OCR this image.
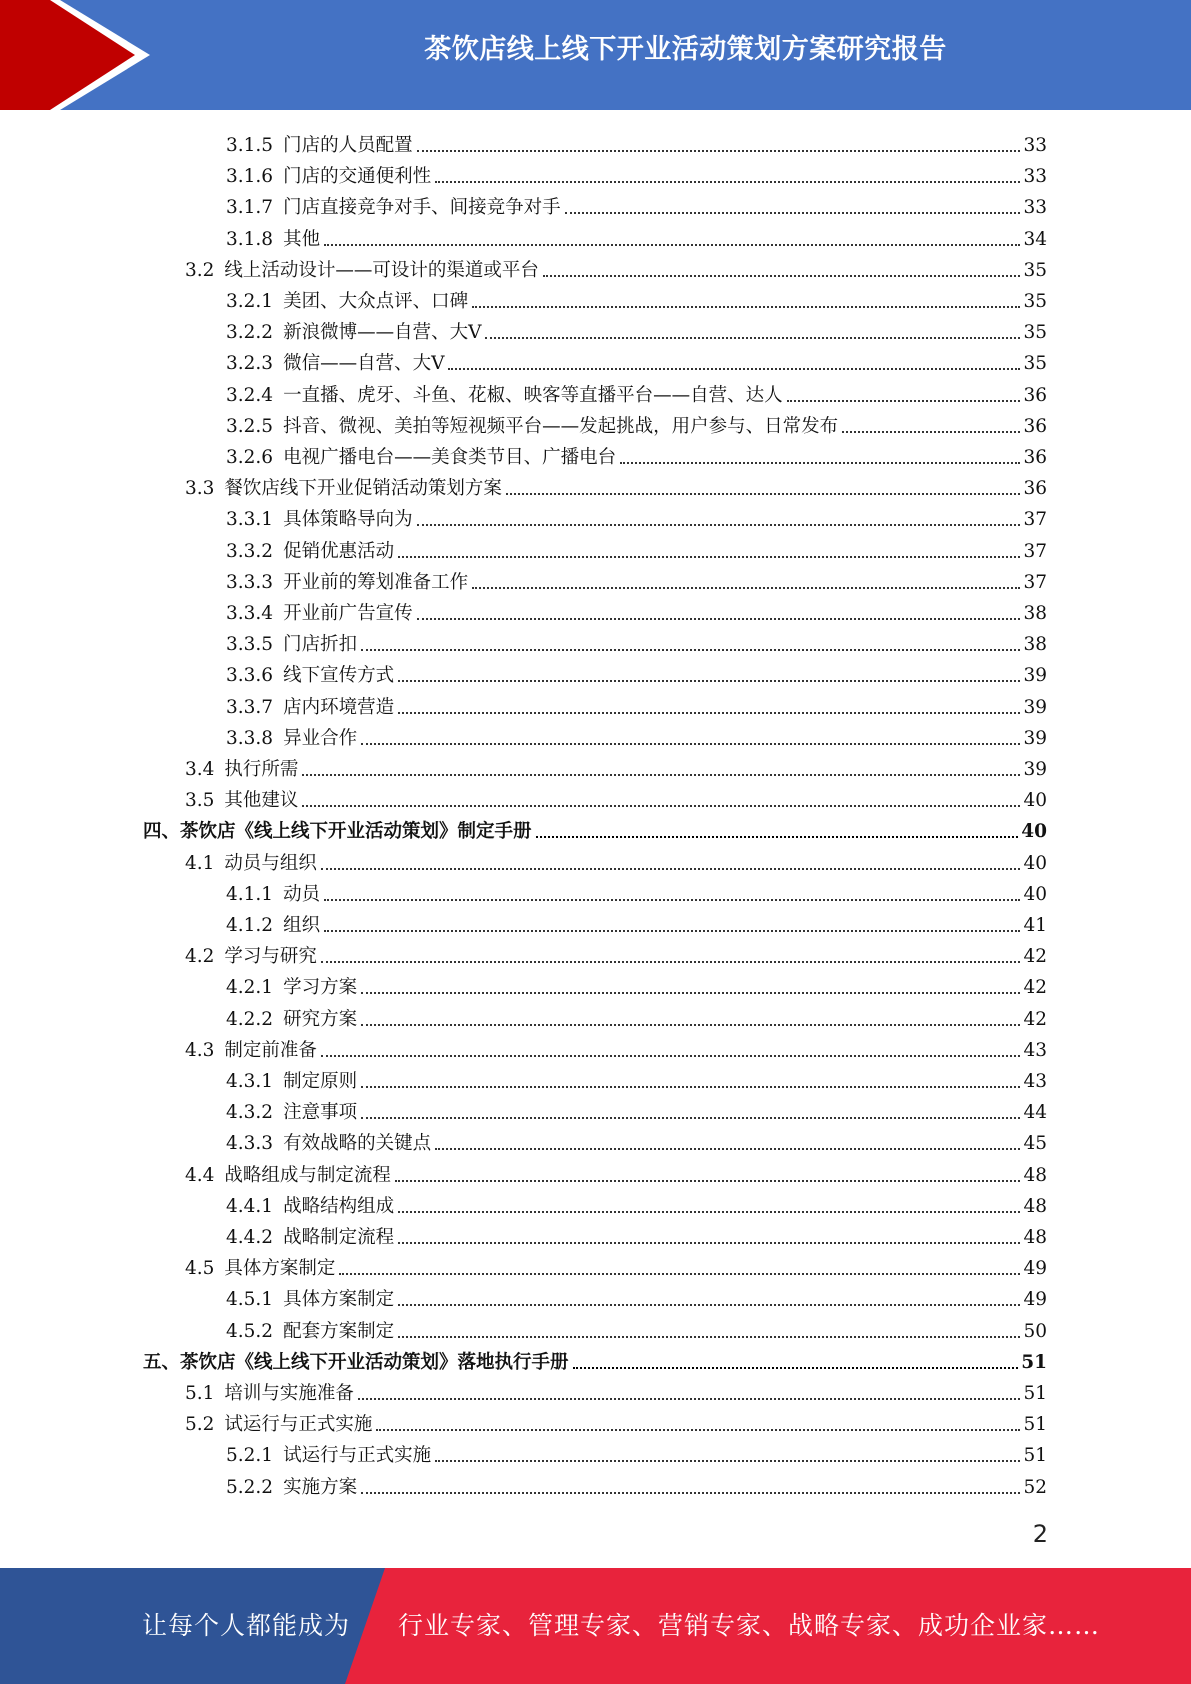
茶饮店线上线下开业活动策划方案研究报告
3.1.5 门店的人员配置	33
3.1.6 门店的交通便利性	33
3.1.7 门店直接竞争对手、间接竞争对手	33
3.1.8 其他	34
3.2 线上活动设计——可设计的渠道或平台	35
3.2.1 美团、大众点评、口碑	35
3.2.2 新浪微博——自营、大V	35
3.2.3 微信——自营、大V	35
3.2.4 一直播、虎牙、斗鱼、花椒、映客等直播平台——自营、达人	36
3.2.5 抖音、微视、美拍等短视频平台——发起挑战，用户参与、日常发布	36
3.2.6 电视广播电台——美食类节目、广播电台	36
3.3 餐饮店线下开业促销活动策划方案	36
3.3.1 具体策略导向为	37
3.3.2 促销优惠活动	37
3.3.3 开业前的筹划准备工作	37
3.3.4 开业前广告宣传	38
3.3.5 门店折扣	38
3.3.6 线下宣传方式	39
3.3.7 店内环境营造	39
3.3.8 异业合作	39
3.4 执行所需	39
3.5 其他建议	40
四、茶饮店《线上线下开业活动策划》制定手册	40
4.1 动员与组织	40
4.1.1 动员	40
4.1.2 组织	41
4.2 学习与研究	42
4.2.1 学习方案	42
4.2.2 研究方案	42
4.3 制定前准备	43
4.3.1 制定原则	43
4.3.2 注意事项	44
4.3.3 有效战略的关键点	45
4.4 战略组成与制定流程	48
4.4.1 战略结构组成	48
4.4.2 战略制定流程	48
4.5 具体方案制定	49
4.5.1 具体方案制定	49
4.5.2 配套方案制定	50
五、茶饮店《线上线下开业活动策划》落地执行手册	51
5.1 培训与实施准备	51
5.2 试运行与正式实施	51
5.2.1 试运行与正式实施	51
5.2.2 实施方案	52
2
让每个人都能成为 行业专家、管理专家、营销专家、战略专家、成功企业家……
